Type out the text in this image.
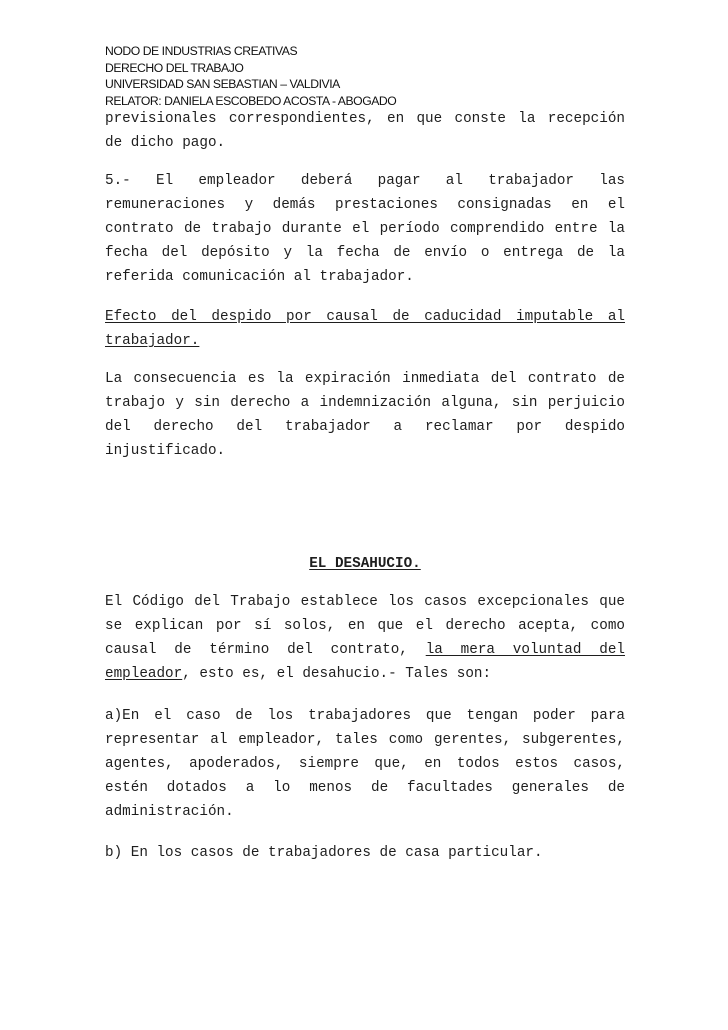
NODO DE INDUSTRIAS CREATIVAS
DERECHO DEL TRABAJO
UNIVERSIDAD SAN SEBASTIAN – VALDIVIA
RELATOR: DANIELA ESCOBEDO ACOSTA - ABOGADO
previsionales correspondientes, en que conste la recepción
de dicho pago.
5.- El empleador deberá pagar al trabajador las
remuneraciones y demás prestaciones consignadas en el
contrato de trabajo durante el período comprendido entre la
fecha del depósito y la fecha de envío o entrega de la
referida comunicación al trabajador.
Efecto del despido por causal de caducidad imputable al
trabajador.
La consecuencia es la expiración inmediata del contrato de
trabajo y sin derecho a indemnización alguna, sin perjuicio
del derecho del trabajador a reclamar por despido
injustificado.
EL DESAHUCIO.
El Código del Trabajo establece los casos excepcionales que
se explican por sí solos, en que el derecho acepta, como
causal de término del contrato, la mera voluntad del
empleador, esto es, el desahucio.- Tales son:
a)En el caso de los trabajadores que tengan poder para
representar al empleador, tales como gerentes, subgerentes,
agentes, apoderados, siempre que, en todos estos casos,
estén dotados a lo menos de facultades generales de
administración.
b) En los casos de trabajadores de casa particular.
